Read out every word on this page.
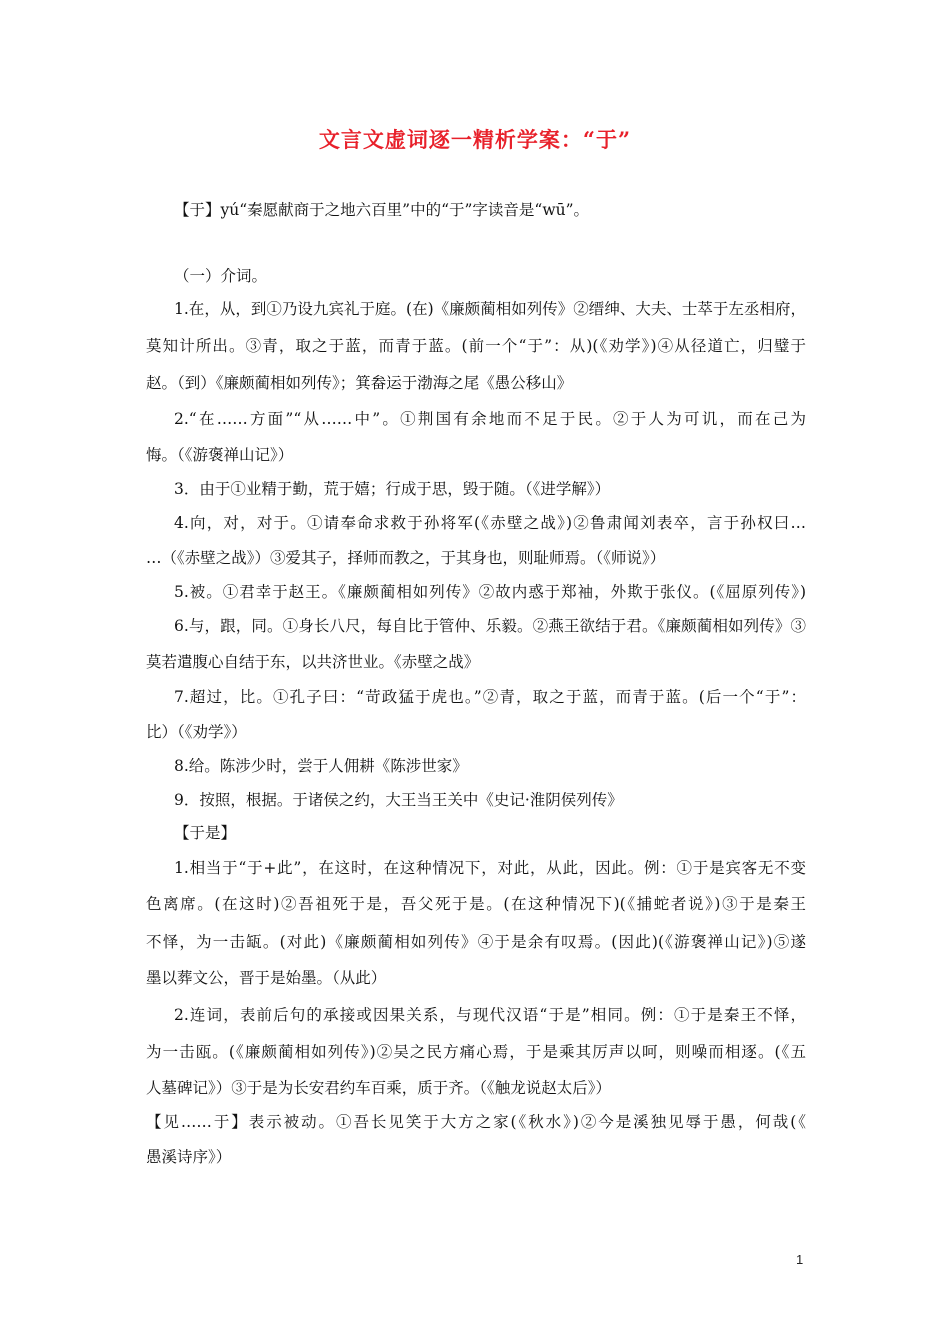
文言文虚词逐一精析学案：“于”
【于】yú“秦愿献商于之地六百里”中的“于”字读音是“wū”。
（一）介词。
1.在，从，到①乃设九宾礼于庭。(在)《廉颇蔺相如列传》②缙绅、大夫、士萃于左丞相府，
莫知计所出。③青，取之于蓝，而青于蓝。(前一个“于”：从)(《劝学》)④从径道亡，归璧于
赵。（到）《廉颇蔺相如列传》；箕畚运于渤海之尾《愚公移山》
2.“在……方面”“从……中”。①荆国有余地而不足于民。②于人为可讥，而在己为
悔。（《游褒禅山记》）
3．由于①业精于勤，荒于嬉；行成于思，毁于随。（《进学解》）
4.向，对，对于。①请奉命求救于孙将军(《赤壁之战》)②鲁肃闻刘表卒，言于孙权曰…
…（《赤壁之战》）③爱其子，择师而教之，于其身也，则耻师焉。（《师说》）
5.被。①君幸于赵王。《廉颇蔺相如列传》②故内惑于郑袖，外欺于张仪。(《屈原列传》)
6.与，跟，同。①身长八尺，每自比于管仲、乐毅。②燕王欲结于君。《廉颇蔺相如列传》③
莫若遣腹心自结于东，以共济世业。《赤壁之战》
7.超过，比。①孔子曰：“苛政猛于虎也。”②青，取之于蓝，而青于蓝。(后一个“于”：
比）（《劝学》）
8.给。陈涉少时，尝于人佣耕《陈涉世家》
9．按照，根据。于诸侯之约，大王当王关中《史记·淮阴侯列传》
【于是】
1.相当于“于+此”，在这时，在这种情况下，对此，从此，因此。例：①于是宾客无不变
色离席。(在这时)②吾祖死于是，吾父死于是。(在这种情况下)(《捕蛇者说》)③于是秦王
不怿，为一击缻。(对此)《廉颇蔺相如列传》④于是余有叹焉。(因此)(《游褒禅山记》)⑤遂
墨以葬文公，晋于是始墨。（从此）
2.连词，表前后句的承接或因果关系，与现代汉语“于是”相同。例：①于是秦王不怿，
为一击瓯。(《廉颇蔺相如列传》)②吴之民方痛心焉，于是乘其厉声以呵，则噪而相逐。(《五
人墓碑记》）③于是为长安君约车百乘，质于齐。（《触龙说赵太后》）
【见……于】表示被动。①吾长见笑于大方之家(《秋水》)②今是溪独见辱于愚，何哉(《
愚溪诗序》）
1
